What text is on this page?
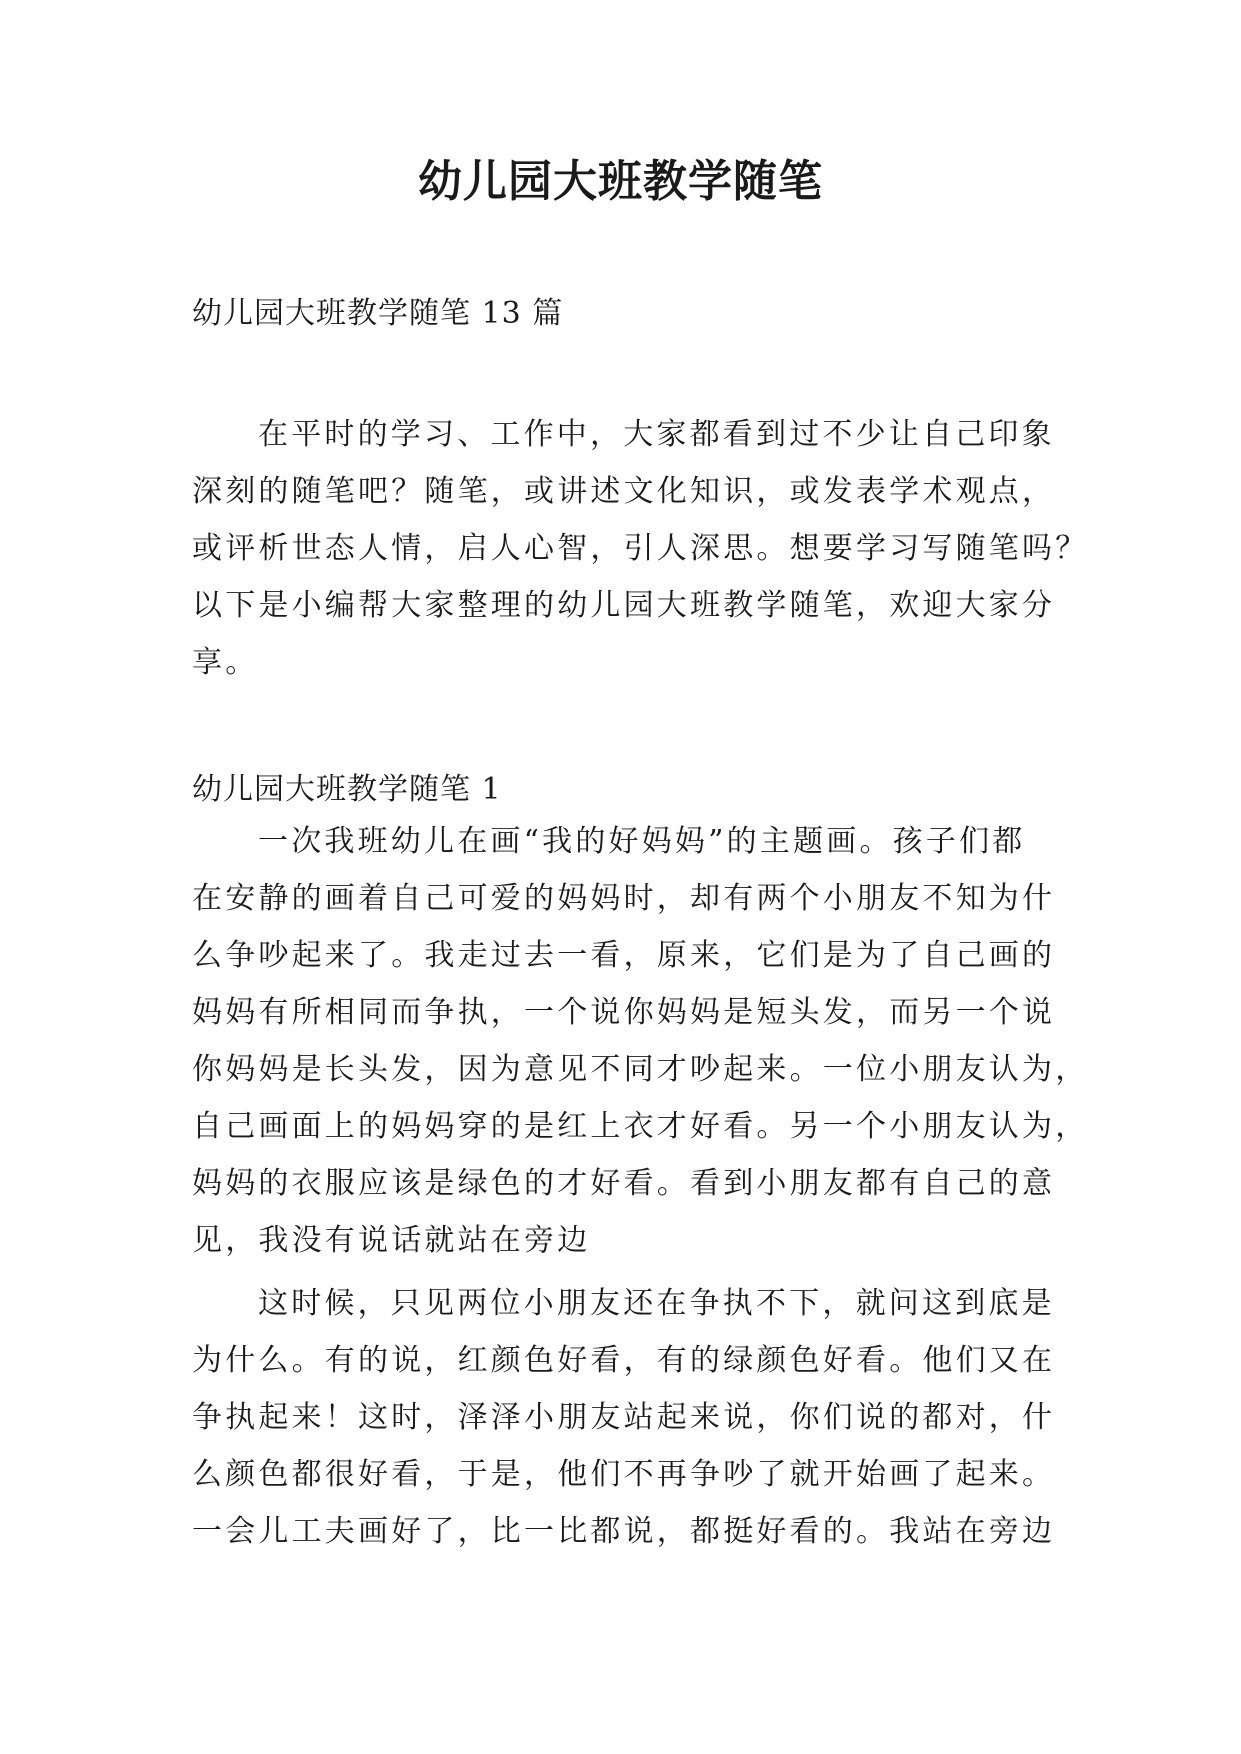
幼儿园大班教学随笔

幼儿园大班教学随笔 13 篇

在平时的学习、工作中，大家都看到过不少让自己印象
深刻的随笔吧？随笔，或讲述文化知识，或发表学术观点，
或评析世态人情，启人心智，引人深思。想要学习写随笔吗？
以下是小编帮大家整理的幼儿园大班教学随笔，欢迎大家分
享。

幼儿园大班教学随笔 1

一次我班幼儿在画“我的好妈妈”的主题画。孩子们都
在安静的画着自己可爱的妈妈时，却有两个小朋友不知为什
么争吵起来了。我走过去一看，原来，它们是为了自己画的
妈妈有所相同而争执，一个说你妈妈是短头发，而另一个说
你妈妈是长头发，因为意见不同才吵起来。一位小朋友认为，
自己画面上的妈妈穿的是红上衣才好看。另一个小朋友认为，
妈妈的衣服应该是绿色的才好看。看到小朋友都有自己的意
见，我没有说话就站在旁边
这时候，只见两位小朋友还在争执不下，就问这到底是
为什么。有的说，红颜色好看，有的绿颜色好看。他们又在
争执起来！这时，泽泽小朋友站起来说，你们说的都对，什
么颜色都很好看，于是，他们不再争吵了就开始画了起来。
一会儿工夫画好了，比一比都说，都挺好看的。我站在旁边
